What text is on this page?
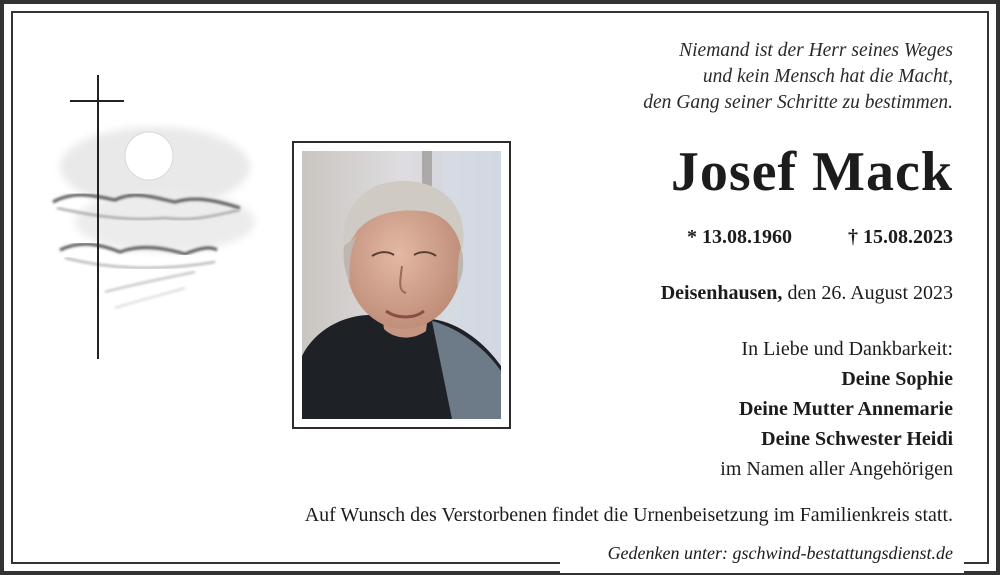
Niemand ist der Herr seines Weges
und kein Mensch hat die Macht,
den Gang seiner Schritte zu bestimmen.
Josef Mack
* 13.08.1960	† 15.08.2023
Deisenhausen, den 26. August 2023
In Liebe und Dankbarkeit:
Deine Sophie
Deine Mutter Annemarie
Deine Schwester Heidi
im Namen aller Angehörigen
Auf Wunsch des Verstorbenen findet die Urnenbeisetzung im Familienkreis statt.
Gedenken unter: gschwind-bestattungsdienst.de
